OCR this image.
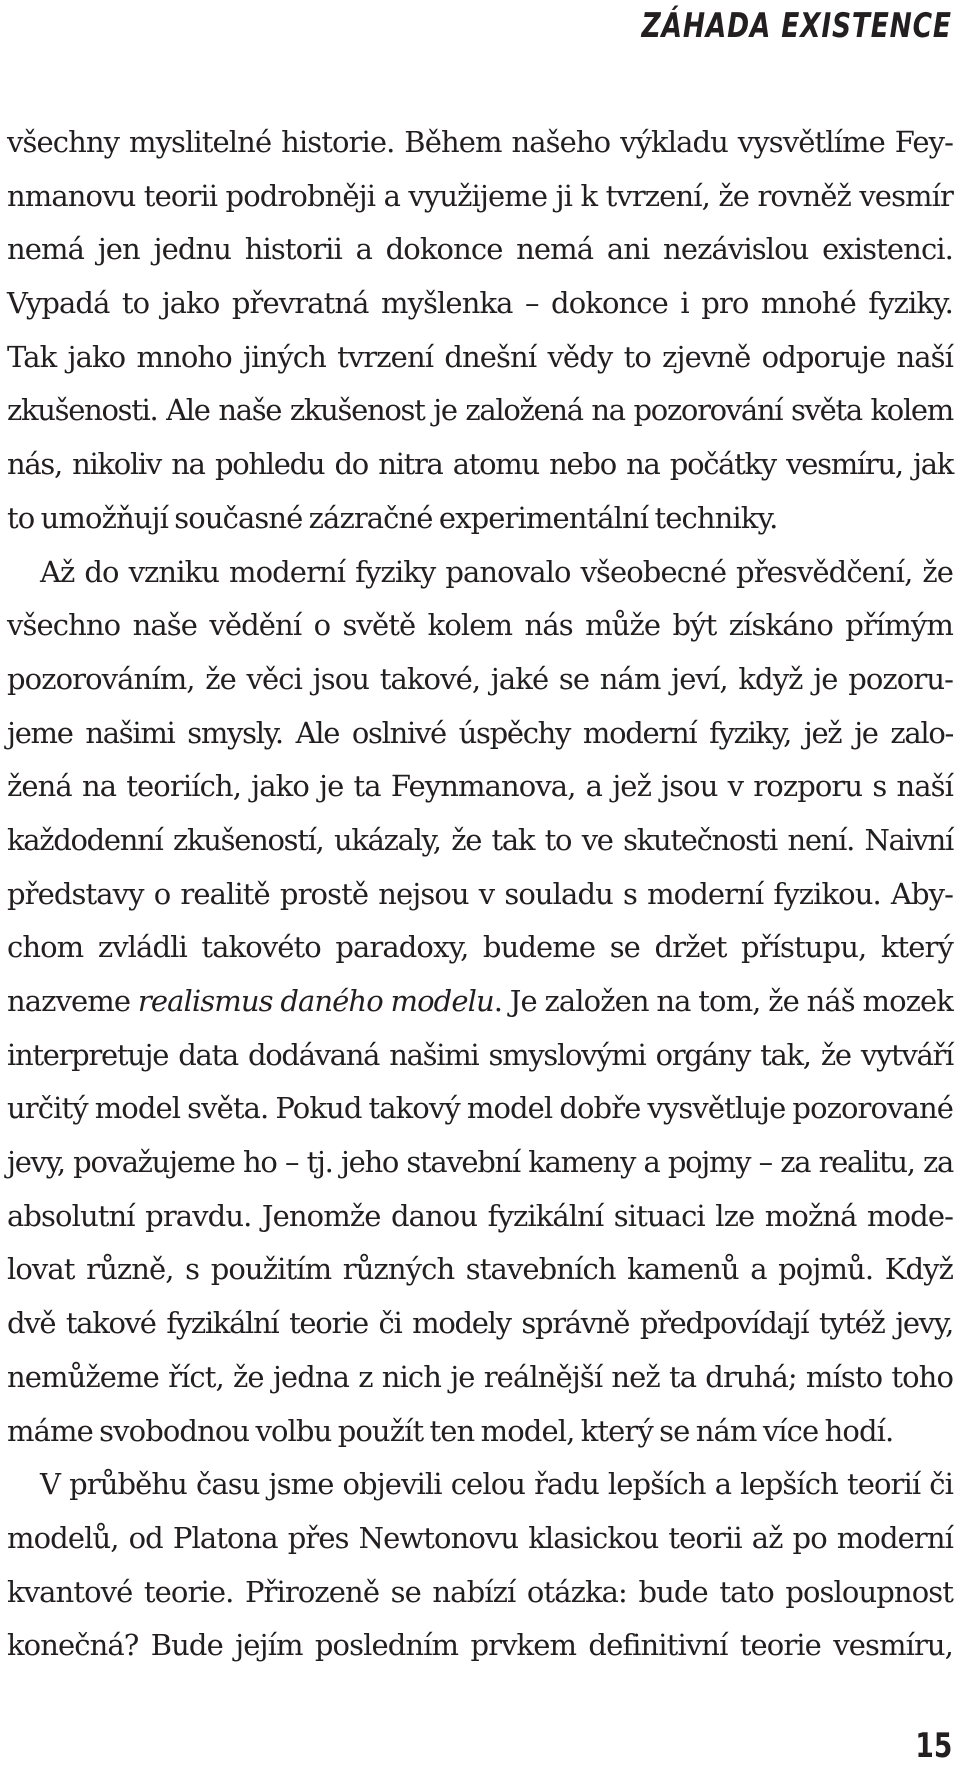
ZÁHADA EXISTENCE
všechny myslitelné historie. Během našeho výkladu vysvětlíme Fey-
nmanovu teorii podrobněji a využijeme ji k tvrzení, že rovněž vesmír
nemá jen jednu historii a dokonce nemá ani nezávislou existenci.
Vypadá to jako převratná myšlenka – dokonce i pro mnohé fyziky.
Tak jako mnoho jiných tvrzení dnešní vědy to zjevně odporuje naší
zkušenosti. Ale naše zkušenost je založená na pozorování světa kolem
nás, nikoliv na pohledu do nitra atomu nebo na počátky vesmíru, jak
to umožňují současné zázračné experimentální techniky.
Až do vzniku moderní fyziky panovalo všeobecné přesvědčení, že
všechno naše vědění o světě kolem nás může být získáno přímým
pozorováním, že věci jsou takové, jaké se nám jeví, když je pozoru-
jeme našimi smysly. Ale oslnivé úspěchy moderní fyziky, jež je zalo-
žená na teoriích, jako je ta Feynmanova, a jež jsou v rozporu s naší
každodenní zkušeností, ukázaly, že tak to ve skutečnosti není. Naivní
představy o realitě prostě nejsou v souladu s moderní fyzikou. Aby-
chom zvládli takovéto paradoxy, budeme se držet přístupu, který
nazveme realismus daného modelu. Je založen na tom, že náš mozek
interpretuje data dodávaná našimi smyslovými orgány tak, že vytváří
určitý model světa. Pokud takový model dobře vysvětluje pozorované
jevy, považujeme ho – tj. jeho stavební kameny a pojmy – za realitu, za
absolutní pravdu. Jenomže danou fyzikální situaci lze možná mode-
lovat různě, s použitím různých stavebních kamenů a pojmů. Když
dvě takové fyzikální teorie či modely správně předpovídají tytéž jevy,
nemůžeme říct, že jedna z nich je reálnější než ta druhá; místo toho
máme svobodnou volbu použít ten model, který se nám více hodí.
V průběhu času jsme objevili celou řadu lepších a lepších teorií či
modelů, od Platona přes Newtonovu klasickou teorii až po moderní
kvantové teorie. Přirozeně se nabízí otázka: bude tato posloupnost
konečná? Bude jejím posledním prvkem definitivní teorie vesmíru,
15
